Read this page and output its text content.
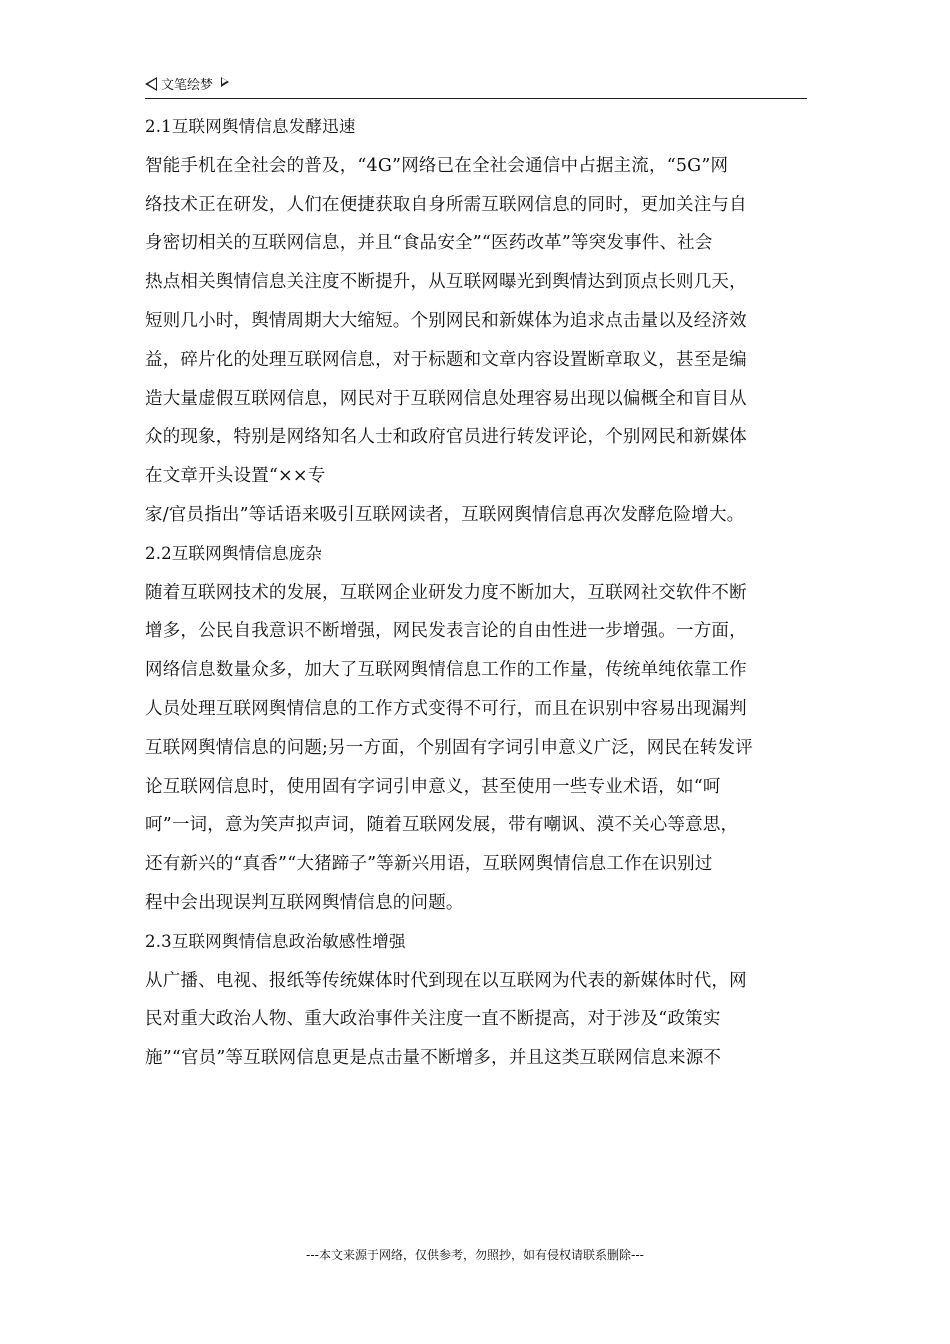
文笔绘梦
2.1互联网舆情信息发酵迅速
智能手机在全社会的普及，“4G”网络已在全社会通信中占据主流，“5G”网
络技术正在研发，人们在便捷获取自身所需互联网信息的同时，更加关注与自
身密切相关的互联网信息，并且“食品安全”“医药改革”等突发事件、社会
热点相关舆情信息关注度不断提升，从互联网曝光到舆情达到顶点长则几天，
短则几小时，舆情周期大大缩短。个别网民和新媒体为追求点击量以及经济效
益，碎片化的处理互联网信息，对于标题和文章内容设置断章取义，甚至是编
造大量虚假互联网信息，网民对于互联网信息处理容易出现以偏概全和盲目从
众的现象，特别是网络知名人士和政府官员进行转发评论，个别网民和新媒体
在文章开头设置“××专
家/官员指出”等话语来吸引互联网读者，互联网舆情信息再次发酵危险增大。
2.2互联网舆情信息庞杂
随着互联网技术的发展，互联网企业研发力度不断加大，互联网社交软件不断
增多，公民自我意识不断增强，网民发表言论的自由性进一步增强。一方面，
网络信息数量众多，加大了互联网舆情信息工作的工作量，传统单纯依靠工作
人员处理互联网舆情信息的工作方式变得不可行，而且在识别中容易出现漏判
互联网舆情信息的问题;另一方面，个别固有字词引申意义广泛，网民在转发评
论互联网信息时，使用固有字词引申意义，甚至使用一些专业术语，如“呵
呵”一词，意为笑声拟声词，随着互联网发展，带有嘲讽、漠不关心等意思，
还有新兴的“真香”“大猪蹄子”等新兴用语，互联网舆情信息工作在识别过
程中会出现误判互联网舆情信息的问题。
2.3互联网舆情信息政治敏感性增强
从广播、电视、报纸等传统媒体时代到现在以互联网为代表的新媒体时代，网
民对重大政治人物、重大政治事件关注度一直不断提高，对于涉及“政策实
施”“官员”等互联网信息更是点击量不断增多，并且这类互联网信息来源不
---本文来源于网络，仅供参考，勿照抄，如有侵权请联系删除---
